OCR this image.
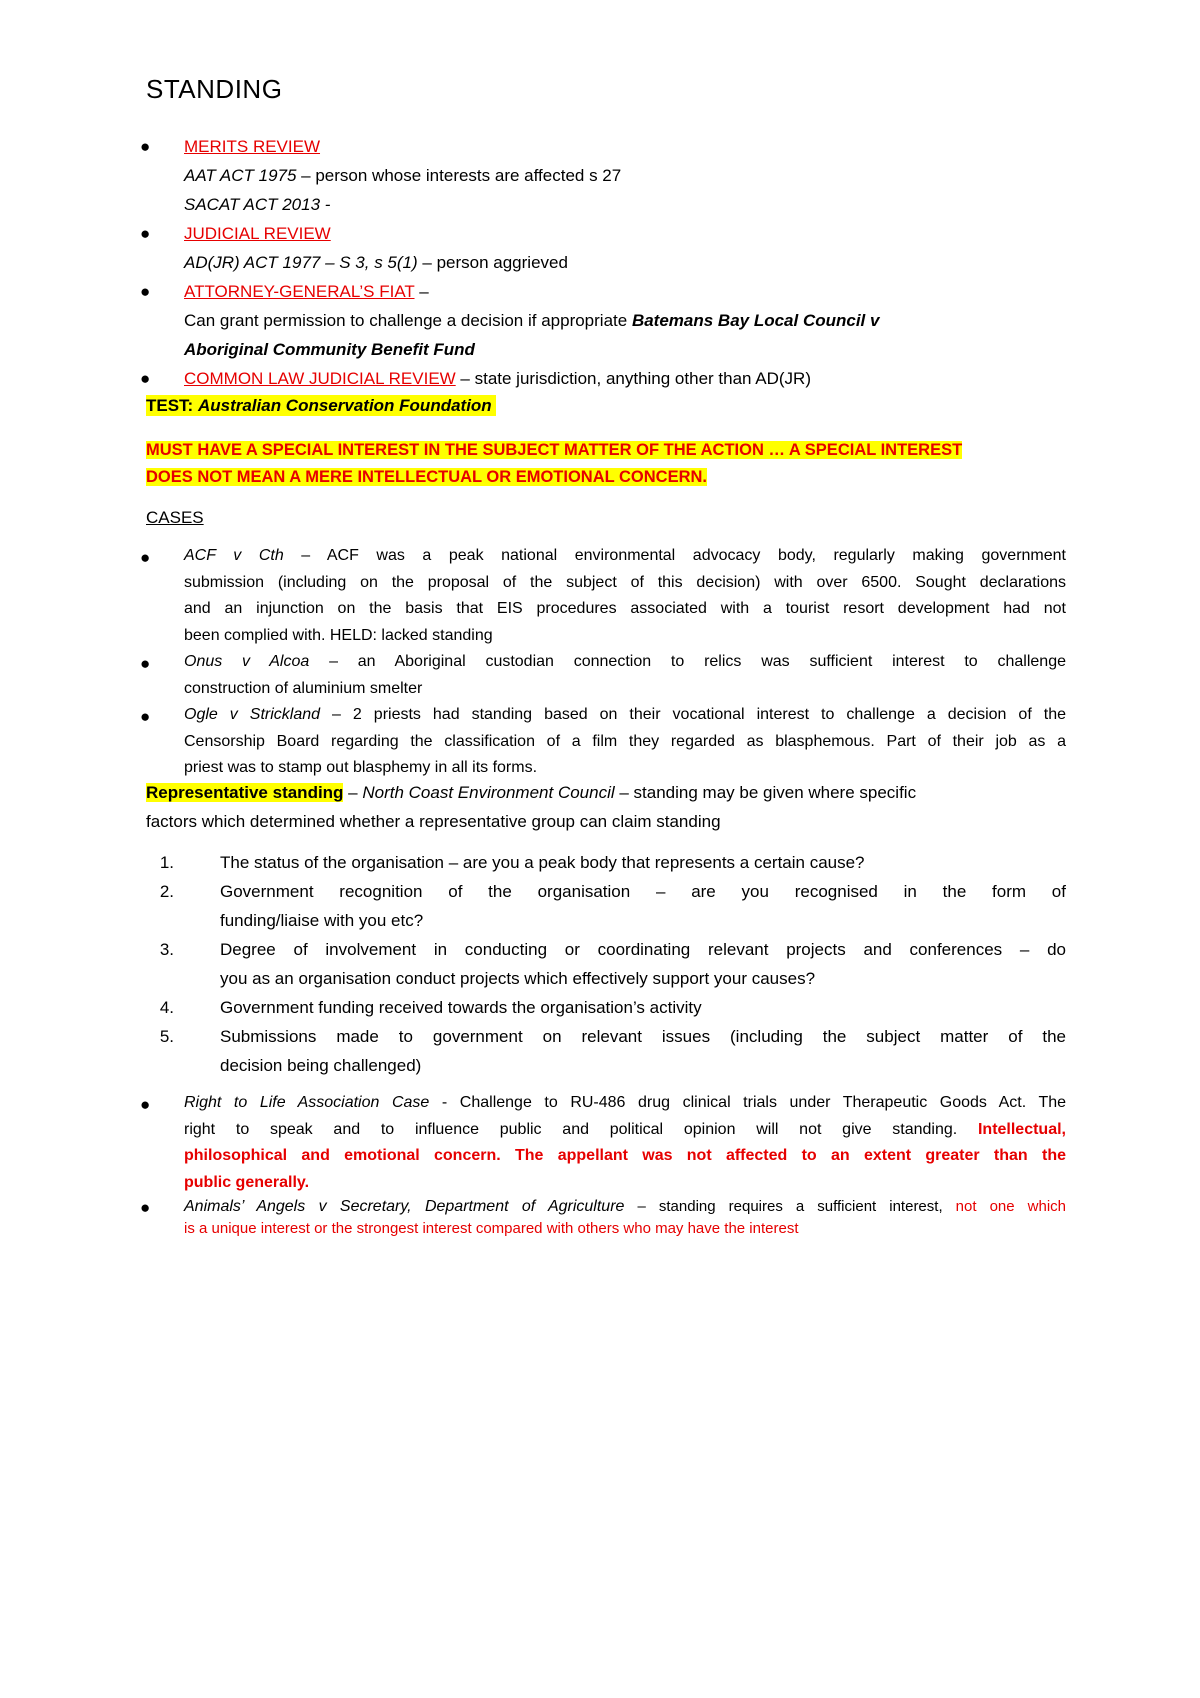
STANDING
●	MERITS REVIEW
AAT ACT 1975 – person whose interests are affected s 27
SACAT ACT 2013 -
●	JUDICIAL REVIEW
AD(JR) ACT 1977 – S 3, s 5(1) – person aggrieved
●	ATTORNEY-GENERAL’S FIAT –
Can grant permission to challenge a decision if appropriate Batemans Bay Local Council v
Aboriginal Community Benefit Fund
●	COMMON LAW JUDICIAL REVIEW – state jurisdiction, anything other than AD(JR)
TEST: Australian Conservation Foundation
MUST HAVE A SPECIAL INTEREST IN THE SUBJECT MATTER OF THE ACTION … A SPECIAL INTEREST
DOES NOT MEAN A MERE INTELLECTUAL OR EMOTIONAL CONCERN.
CASES
● ACF v Cth – ACF was a peak national environmental advocacy body, regularly making government
submission (including on the proposal of the subject of this decision) with over 6500. Sought declarations
and an injunction on the basis that EIS procedures associated with a tourist resort development had not
been complied with. HELD: lacked standing
● Onus v Alcoa – an Aboriginal custodian connection to relics was sufficient interest to challenge
construction of aluminium smelter
● Ogle v Strickland – 2 priests had standing based on their vocational interest to challenge a decision of the
Censorship Board regarding the classification of a film they regarded as blasphemous. Part of their job as a
priest was to stamp out blasphemy in all its forms.
Representative standing – North Coast Environment Council – standing may be given where specific
factors which determined whether a representative group can claim standing
1.	The status of the organisation – are you a peak body that represents a certain cause?
2.	Government recognition of the organisation – are you recognised in the form of
funding/liaise with you etc?
3.	Degree of involvement in conducting or coordinating relevant projects and conferences – do
you as an organisation conduct projects which effectively support your causes?
4.	Government funding received towards the organisation’s activity
5.	Submissions made to government on relevant issues (including the subject matter of the
decision being challenged)
● Right to Life Association Case - Challenge to RU-486 drug clinical trials under Therapeutic Goods Act. The
right to speak and to influence public and political opinion will not give standing. Intellectual,
philosophical and emotional concern. The appellant was not affected to an extent greater than the
public generally.
● Animals’ Angels v Secretary, Department of Agriculture – standing requires a sufficient interest, not one which
is a unique interest or the strongest interest compared with others who may have the interest
